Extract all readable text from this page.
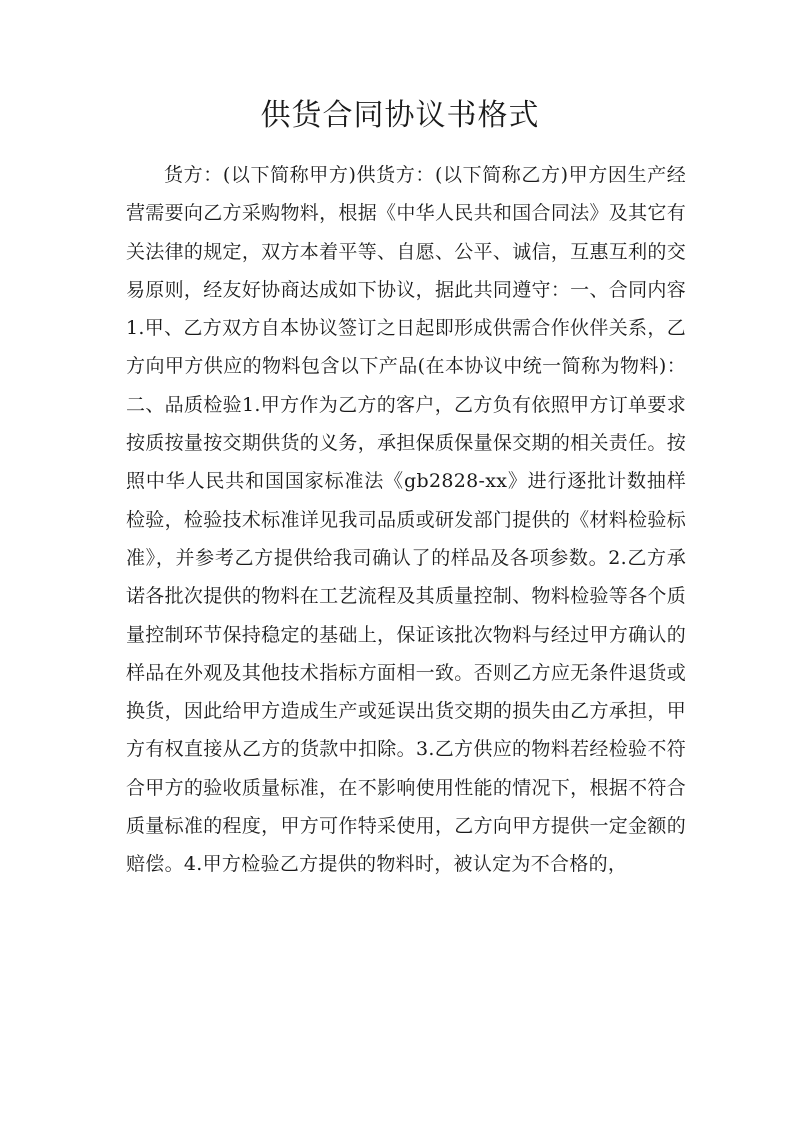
供货合同协议书格式

货方：(以下简称甲方)供货方：(以下简称乙方)甲方因生产经营需要向乙方采购物料，根据《中华人民共和国合同法》及其它有关法律的规定，双方本着平等、自愿、公平、诚信，互惠互利的交易原则，经友好协商达成如下协议，据此共同遵守：一、合同内容1.甲、乙方双方自本协议签订之日起即形成供需合作伙伴关系，乙方向甲方供应的物料包含以下产品(在本协议中统一简称为物料)：二、品质检验1.甲方作为乙方的客户，乙方负有依照甲方订单要求按质按量按交期供货的义务，承担保质保量保交期的相关责任。按照中华人民共和国国家标准法《gb2828-xx》进行逐批计数抽样检验，检验技术标准详见我司品质或研发部门提供的《材料检验标准》，并参考乙方提供给我司确认了的样品及各项参数。2.乙方承诺各批次提供的物料在工艺流程及其质量控制、物料检验等各个质量控制环节保持稳定的基础上，保证该批次物料与经过甲方确认的样品在外观及其他技术指标方面相一致。否则乙方应无条件退货或换货，因此给甲方造成生产或延误出货交期的损失由乙方承担，甲方有权直接从乙方的货款中扣除。3.乙方供应的物料若经检验不符合甲方的验收质量标准，在不影响使用性能的情况下，根据不符合质量标准的程度，甲方可作特采使用，乙方向甲方提供一定金额的赔偿。4.甲方检验乙方提供的物料时，被认定为不合格的，
